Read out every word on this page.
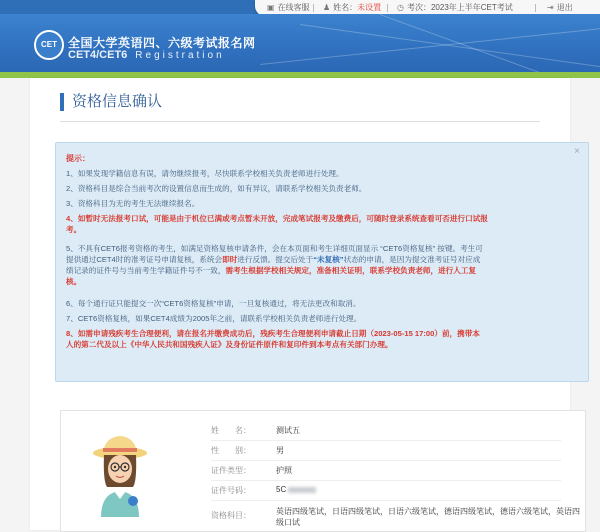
▣ 在线客服 ♟ 姓名：未设置 ◷ 考次：2023年上半年CET考试	⇥ 退出
CET 全国大学英语四、六级考试报名网
CET4/CET6 Registration
资格信息确认
×
提示：
1、如果发现学籍信息有误，请勿继续报考，尽快联系学校相关负责老师进行处理。
2、资格科目是综合当前考次的设置信息而生成的，如有异议，请联系学校相关负责老师。
3、资格科目为无的考生无法继续报名。
4、如暂时无法报考口试，可能是由于机位已满或考点暂未开放，完成笔试报考及缴费后，可随时登录系统查看可否进行口试报
考。
5、不具有CET6报考资格的考生，如满足资格复核申请条件，会在本页面和考生详细页面显示 “CET6资格复核” 按键。考生可
提供通过CET4时的准考证号申请复核，系统会即时进行反馈。提交后处于“未复核”状态的申请，是因为提交准考证号对应成
绩记录的证件号与当前考生学籍证件号不一致，需考生根据学校相关规定，准备相关证明，联系学校负责老师，进行人工复
核。
6、每个通行证只能提交一次“CET6资格复核”申请，一旦复核通过，将无法更改和取消。
7、CET6资格复核，如果CET4成绩为2005年之前，请联系学校相关负责老师进行处理。
8、如需申请残疾考生合理便利，请在报名并缴费成功后，残疾考生合理便利申请截止日期（2023-05-15 17:00）前，携带本
人的第二代及以上《中华人民共和国残疾人证》及身份证件原件和复印件到本考点有关部门办理。
姓　　名：	测试五
性　　别：	男
证件类型：	护照
证件号码：	5C
资格科目：	英语四级笔试，日语四级笔试，日语六级笔试，德语四级笔试，德语六级笔试，英语四
级口试
